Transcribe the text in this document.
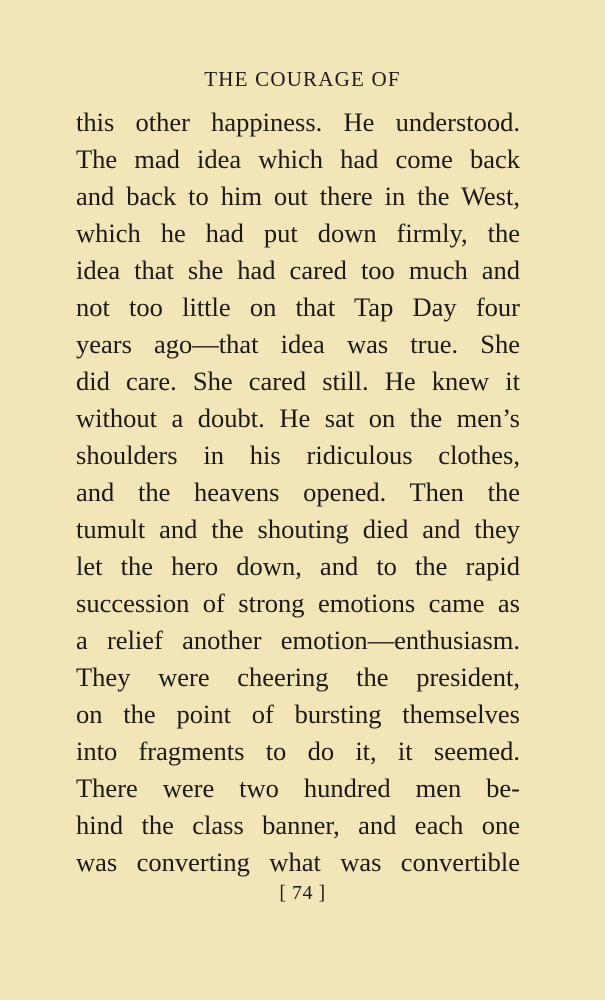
THE COURAGE OF
this other happiness. He understood.
The mad idea which had come back
and back to him out there in the West,
which he had put down firmly, the
idea that she had cared too much and
not too little on that Tap Day four
years ago—that idea was true. She
did care. She cared still. He knew it
without a doubt. He sat on the men’s
shoulders in his ridiculous clothes,
and the heavens opened. Then the
tumult and the shouting died and they
let the hero down, and to the rapid
succession of strong emotions came as
a relief another emotion—enthusiasm.
They were cheering the president,
on the point of bursting themselves
into fragments to do it, it seemed.
There were two hundred men be-
hind the class banner, and each one
was converting what was convertible
[ 74 ]
